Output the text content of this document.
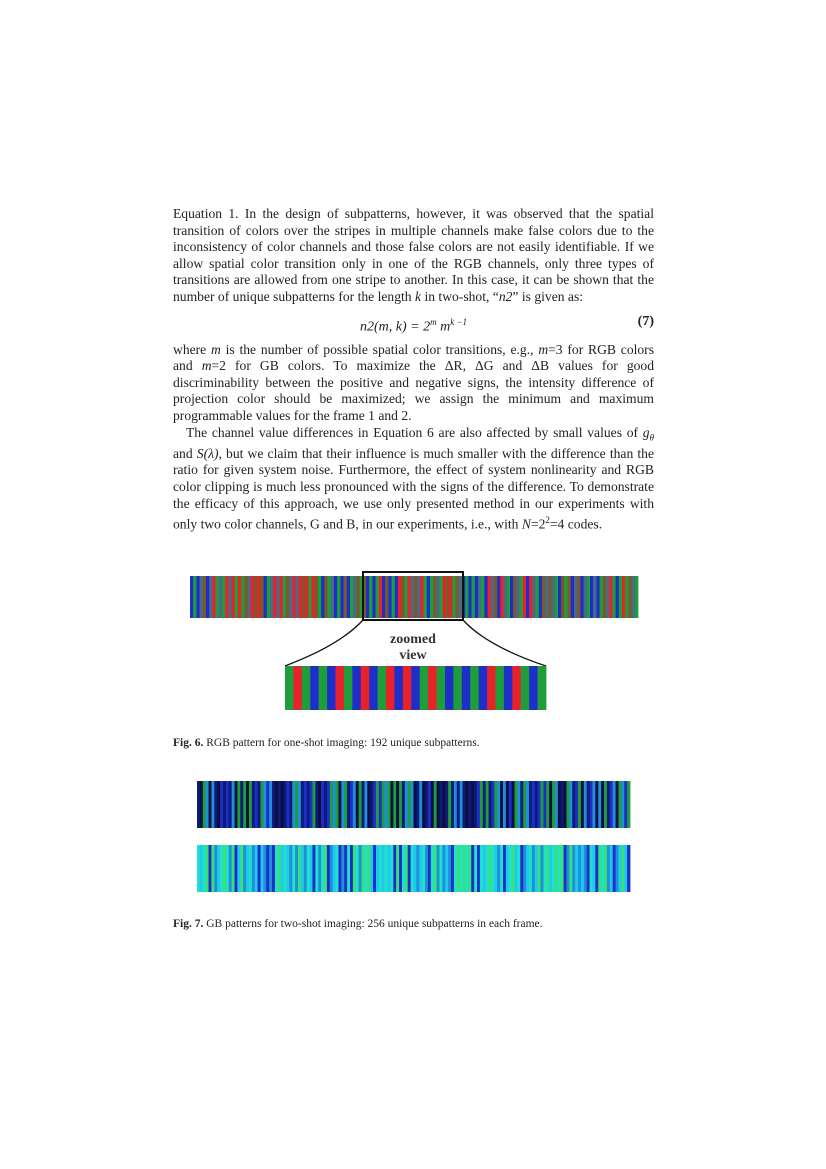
Equation 1. In the design of subpatterns, however, it was observed that the spatial transition of colors over the stripes in multiple channels make false colors due to the inconsistency of color channels and those false colors are not easily identifiable. If we allow spatial color transition only in one of the RGB channels, only three types of transitions are allowed from one stripe to another. In this case, it can be shown that the number of unique subpatterns for the length k in two-shot, “n2” is given as:

n2(m, $k) = 2^m$ $m^{k -1}$	(7)

where m is the number of possible spatial color transitions, e.g., m=3 for RGB colors and m=2 for GB colors. To maximize the ΔR, ΔG and ΔB values for good discriminability between the positive and negative signs, the intensity difference of projection color should be maximized; we assign the minimum and maximum programmable values for the frame 1 and 2.

The channel value differences in Equation 6 are also affected by small values of $g_\theta$ and S(λ), but we claim that their influence is much smaller with the difference than the ratio for given system noise. Furthermore, the effect of system nonlinearity and RGB color clipping is much less pronounced with the signs of the difference. To demonstrate the efficacy of this approach, we use only presented method in our experiments with only two color channels, G and B, in our experiments, i.e., with $N=2^2=4$ codes.

zoomed
view
Fig. 6. RGB pattern for one-shot imaging: 192 unique subpatterns.
Fig. 7. GB patterns for two-shot imaging: 256 unique subpatterns in each frame.
